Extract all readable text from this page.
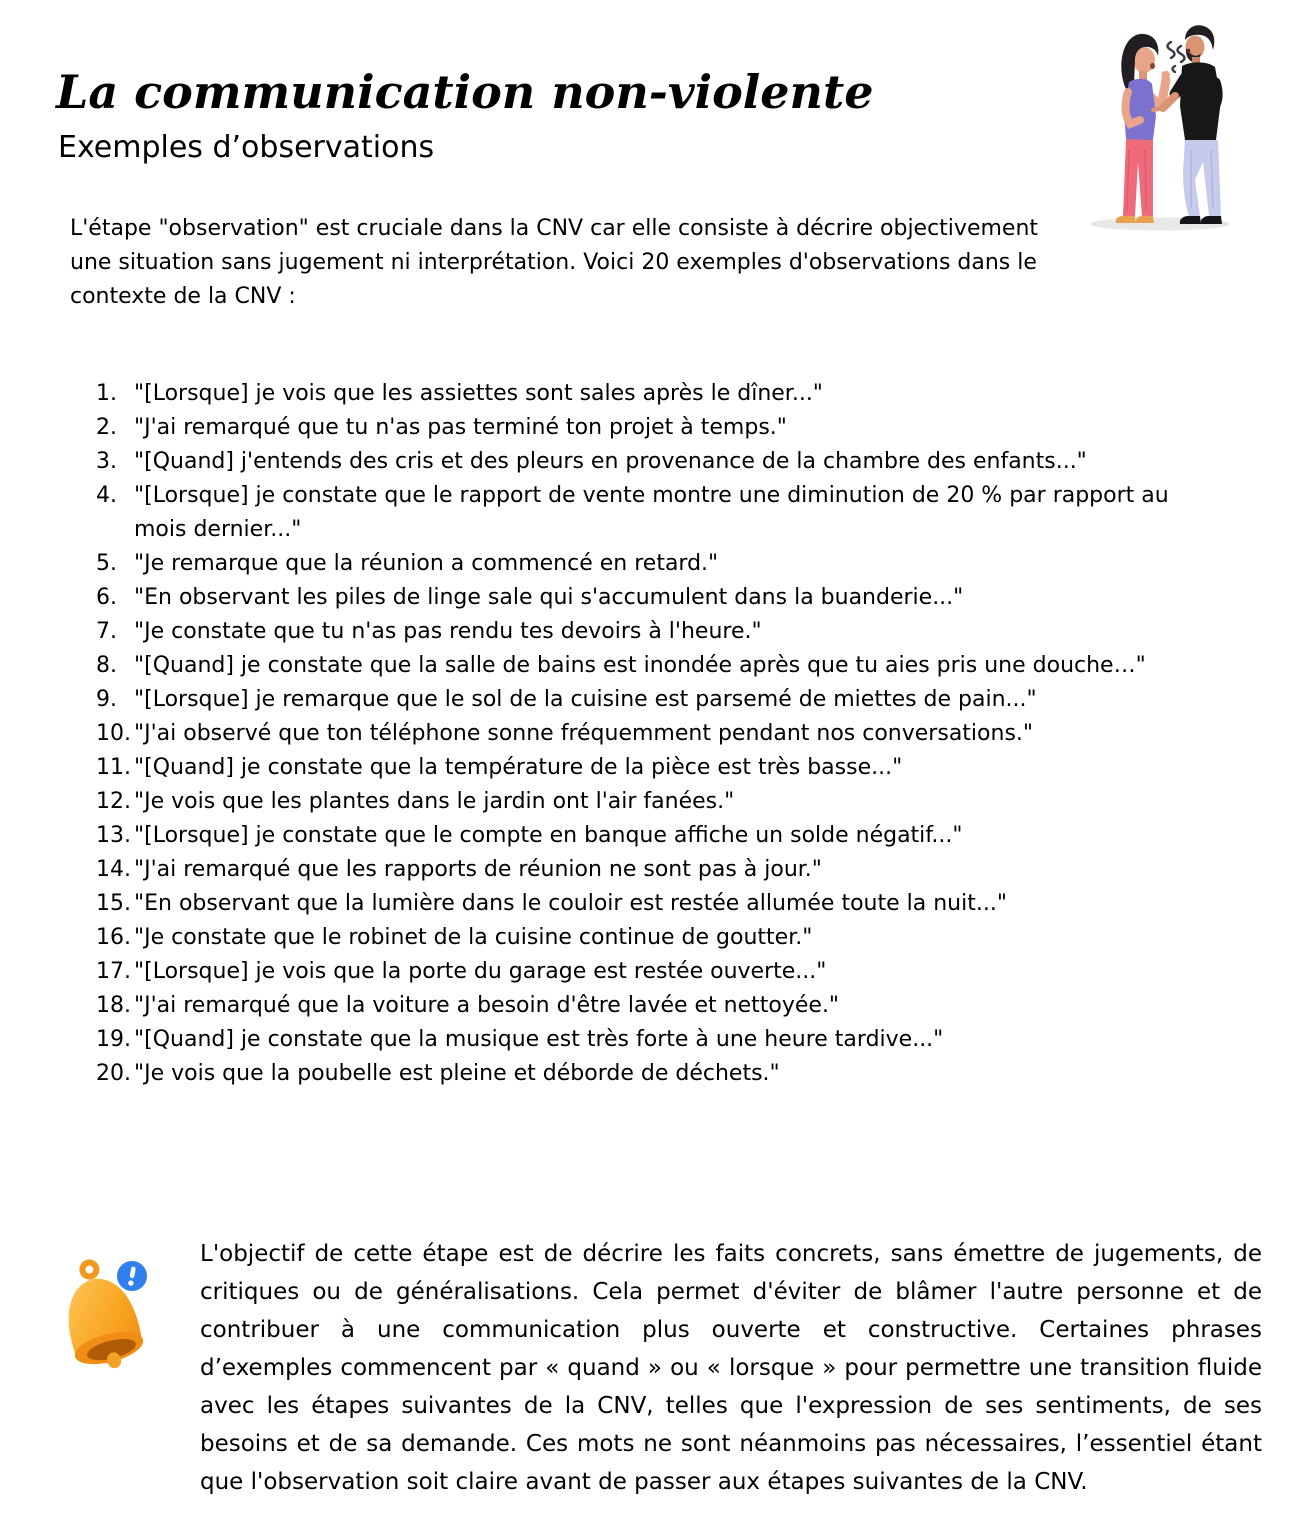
La communication non-violente
Exemples d’observations

L'étape "observation" est cruciale dans la CNV car elle consiste à décrire objectivement une situation sans jugement ni interprétation. Voici 20 exemples d'observations dans le contexte de la CNV :

1. "[Lorsque] je vois que les assiettes sont sales après le dîner..."
2. "J'ai remarqué que tu n'as pas terminé ton projet à temps."
3. "[Quand] j'entends des cris et des pleurs en provenance de la chambre des enfants..."
4. "[Lorsque] je constate que le rapport de vente montre une diminution de 20 % par rapport au mois dernier..."
5. "Je remarque que la réunion a commencé en retard."
6. "En observant les piles de linge sale qui s'accumulent dans la buanderie..."
7. "Je constate que tu n'as pas rendu tes devoirs à l'heure."
8. "[Quand] je constate que la salle de bains est inondée après que tu aies pris une douche…"
9. "[Lorsque] je remarque que le sol de la cuisine est parsemé de miettes de pain..."
10. "J'ai observé que ton téléphone sonne fréquemment pendant nos conversations."
11. "[Quand] je constate que la température de la pièce est très basse..."
12. "Je vois que les plantes dans le jardin ont l'air fanées."
13. "[Lorsque] je constate que le compte en banque affiche un solde négatif..."
14. "J'ai remarqué que les rapports de réunion ne sont pas à jour."
15. "En observant que la lumière dans le couloir est restée allumée toute la nuit..."
16. "Je constate que le robinet de la cuisine continue de goutter."
17. "[Lorsque] je vois que la porte du garage est restée ouverte..."
18. "J'ai remarqué que la voiture a besoin d'être lavée et nettoyée."
19. "[Quand] je constate que la musique est très forte à une heure tardive..."
20. "Je vois que la poubelle est pleine et déborde de déchets."

L'objectif de cette étape est de décrire les faits concrets, sans émettre de jugements, de critiques ou de généralisations. Cela permet d'éviter de blâmer l'autre personne et de contribuer à une communication plus ouverte et constructive. Certaines phrases d’exemples commencent par « quand » ou « lorsque » pour permettre une transition fluide avec les étapes suivantes de la CNV, telles que l'expression de ses sentiments, de ses besoins et de sa demande. Ces mots ne sont néanmoins pas nécessaires, l’essentiel étant que l'observation soit claire avant de passer aux étapes suivantes de la CNV.
